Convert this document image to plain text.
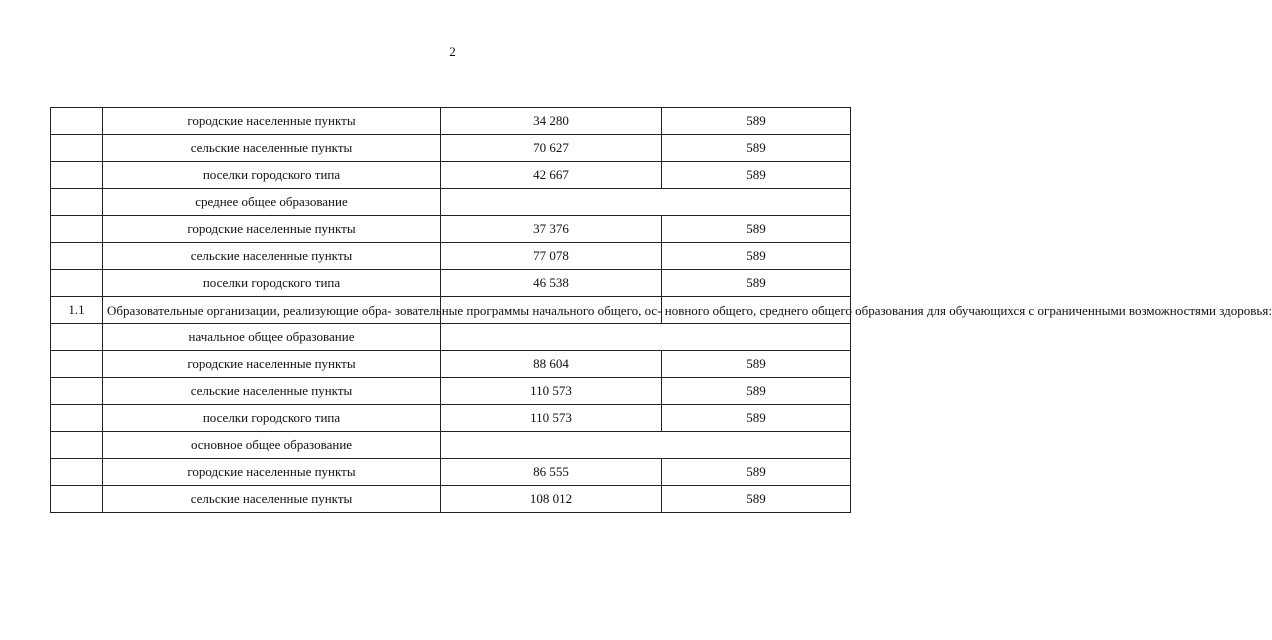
2
	городские населенные пункты	34 280	589
	сельские населенные пункты	70 627	589
	поселки городского типа	42 667	589
	среднее общее образование		
	городские населенные пункты	37 376	589
	сельские населенные пункты	77 078	589
	поселки городского типа	46 538	589
1.1	Образовательные организации, реализующие обра- зовательные программы начального общего, ос- новного общего, среднего общего образования для обучающихся с ограниченными возможностями здоровья:		
	начальное общее образование		
	городские населенные пункты	88 604	589
	сельские населенные пункты	110 573	589
	поселки городского типа	110 573	589
	основное общее образование		
	городские населенные пункты	86 555	589
	сельские населенные пункты	108 012	589
